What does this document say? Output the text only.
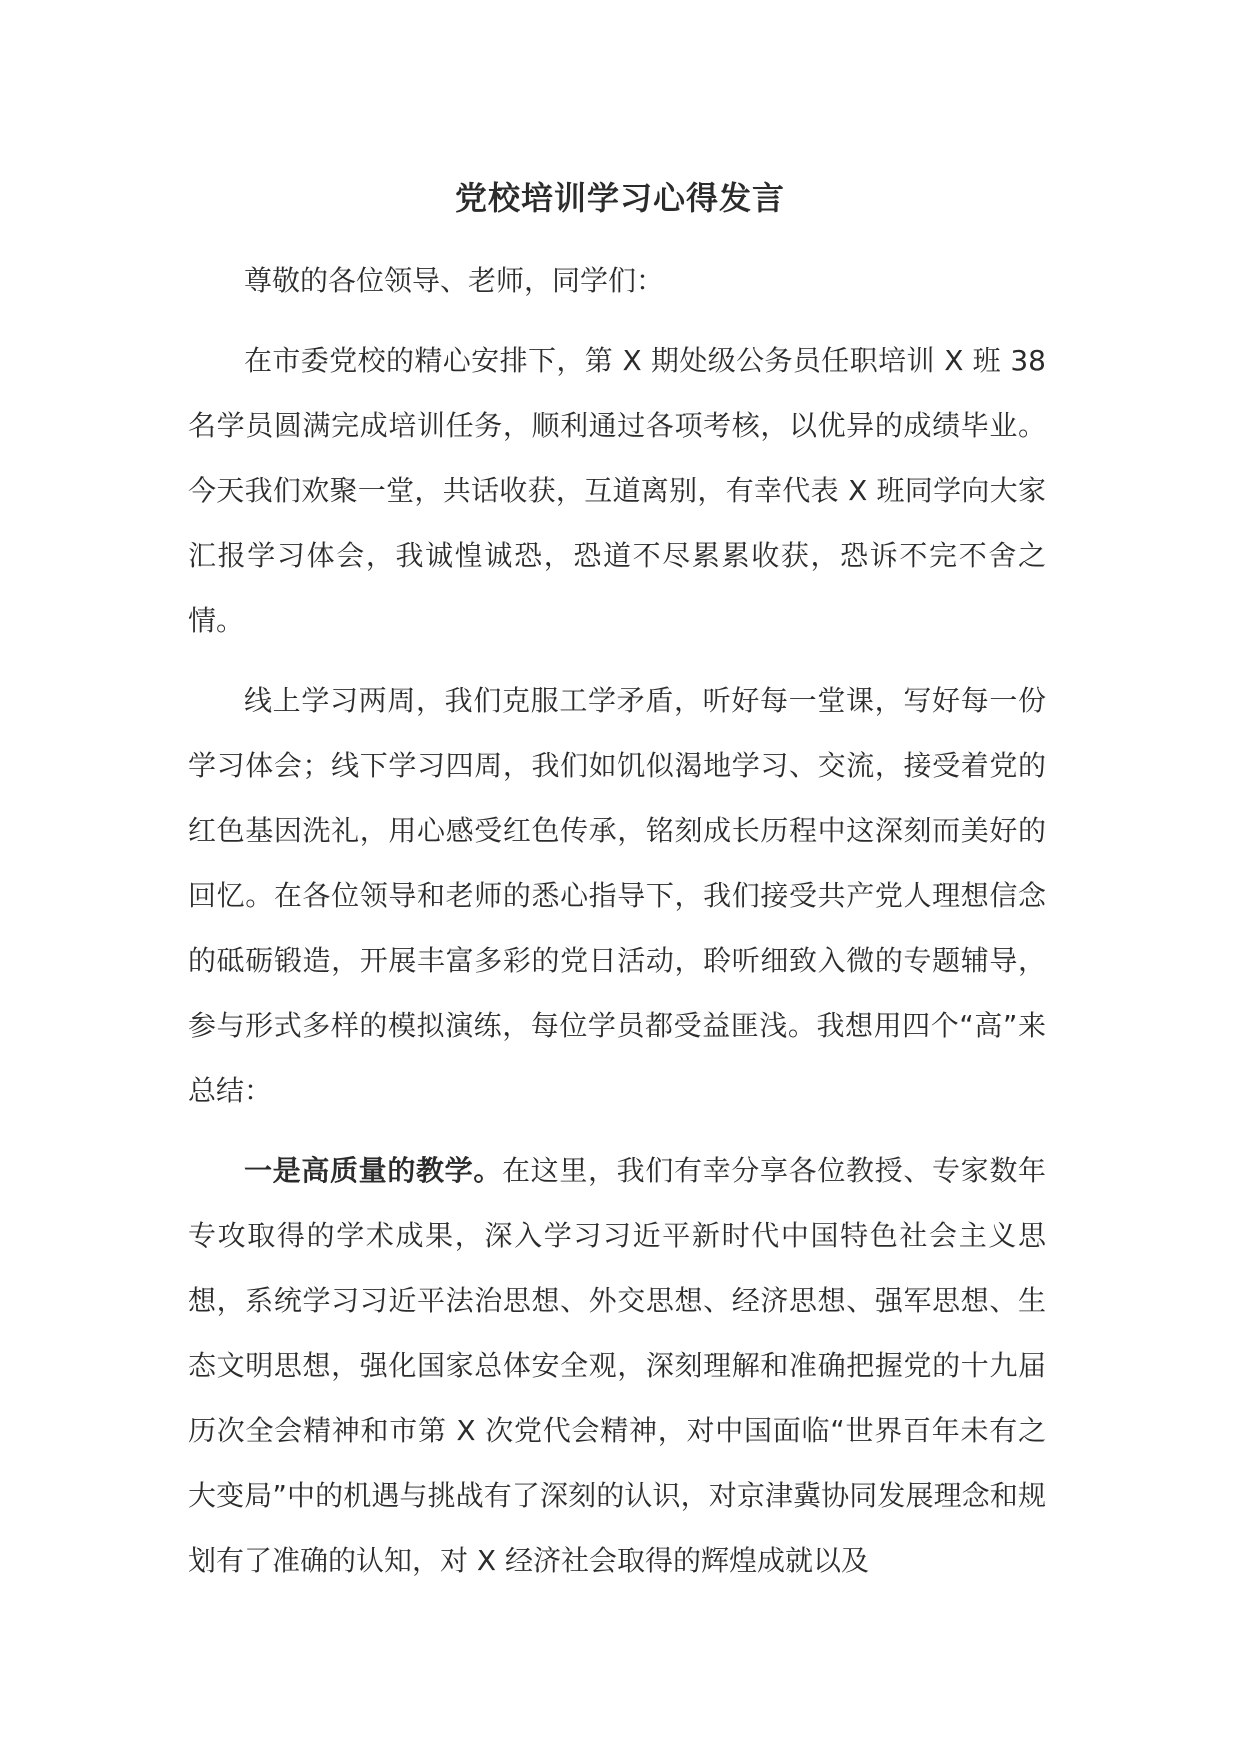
党校培训学习心得发言

尊敬的各位领导、老师，同学们：

在市委党校的精心安排下，第 X 期处级公务员任职培训 X 班 38 名学员圆满完成培训任务，顺利通过各项考核，以优异的成绩毕业。今天我们欢聚一堂，共话收获，互道离别，有幸代表 X 班同学向大家汇报学习体会，我诚惶诚恐，恐道不尽累累收获，恐诉不完不舍之情。

线上学习两周，我们克服工学矛盾，听好每一堂课，写好每一份学习体会；线下学习四周，我们如饥似渴地学习、交流，接受着党的红色基因洗礼，用心感受红色传承，铭刻成长历程中这深刻而美好的回忆。在各位领导和老师的悉心指导下，我们接受共产党人理想信念的砥砺锻造，开展丰富多彩的党日活动，聆听细致入微的专题辅导，参与形式多样的模拟演练，每位学员都受益匪浅。我想用四个“高”来总结：

一是高质量的教学。在这里，我们有幸分享各位教授、专家数年专攻取得的学术成果，深入学习习近平新时代中国特色社会主义思想，系统学习习近平法治思想、外交思想、经济思想、强军思想、生态文明思想，强化国家总体安全观，深刻理解和准确把握党的十九届历次全会精神和市第 X 次党代会精神，对中国面临“世界百年未有之大变局”中的机遇与挑战有了深刻的认识，对京津冀协同发展理念和规划有了准确的认知，对 X 经济社会取得的辉煌成就以及
